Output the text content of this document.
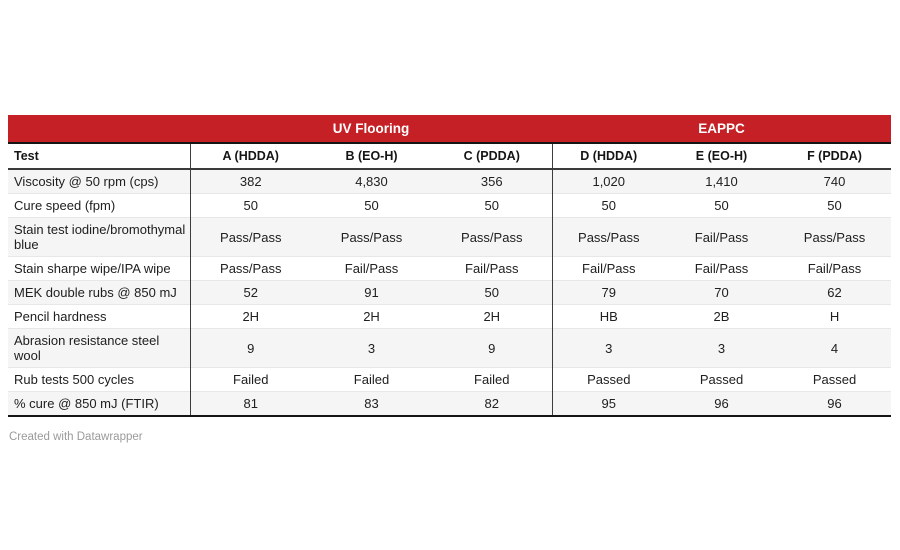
	UV Flooring			EAPPC		
Test	A (HDDA)	B (EO-H)	C (PDDA)	D (HDDA)	E (EO-H)	F (PDDA)
Viscosity @ 50 rpm (cps)	382	4,830	356	1,020	1,410	740
Cure speed (fpm)	50	50	50	50	50	50
Stain test iodine/bromothymal blue	Pass/Pass	Pass/Pass	Pass/Pass	Pass/Pass	Fail/Pass	Pass/Pass
Stain sharpe wipe/IPA wipe	Pass/Pass	Fail/Pass	Fail/Pass	Fail/Pass	Fail/Pass	Fail/Pass
MEK double rubs @ 850 mJ	52	91	50	79	70	62
Pencil hardness	2H	2H	2H	HB	2B	H
Abrasion resistance steel wool	9	3	9	3	3	4
Rub tests 500 cycles	Failed	Failed	Failed	Passed	Passed	Passed
% cure @ 850 mJ (FTIR)	81	83	82	95	96	96
Created with Datawrapper
